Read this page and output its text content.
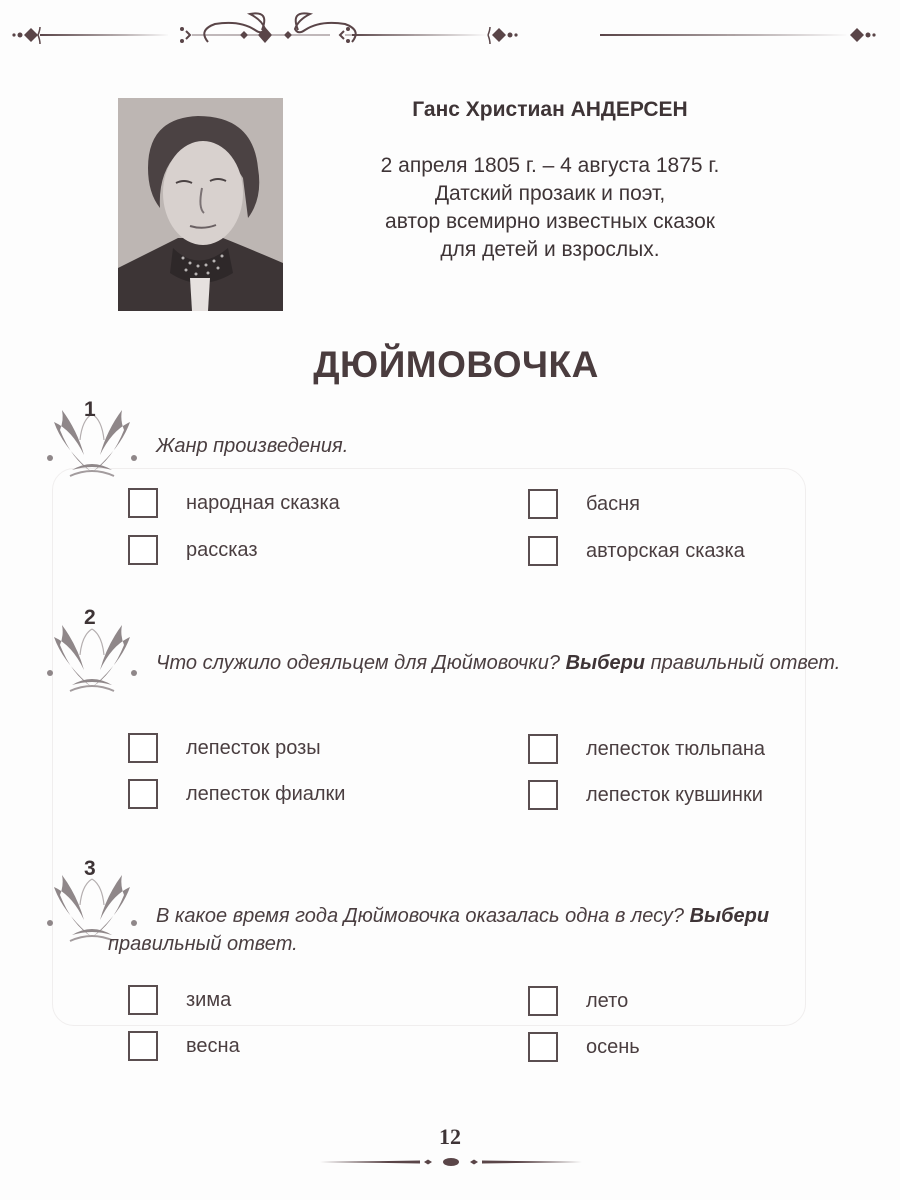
Ганс Христиан АНДЕРСЕН
2 апреля 1805 г. – 4 августа 1875 г.
Датский прозаик и поэт,
автор всемирно известных сказок
для детей и взрослых.
ДЮЙМОВОЧКА
1
Жанр произведения.
народная сказка	басня
рассказ	авторская сказка
2
Что служило одеяльцем для Дюймовочки? Выбери правильный ответ.
лепесток розы	лепесток тюльпана
лепесток фиалки	лепесток кувшинки
3
В какое время года Дюймовочка оказалась одна в лесу? Выбери правильный ответ.
зима	лето
весна	осень
12
